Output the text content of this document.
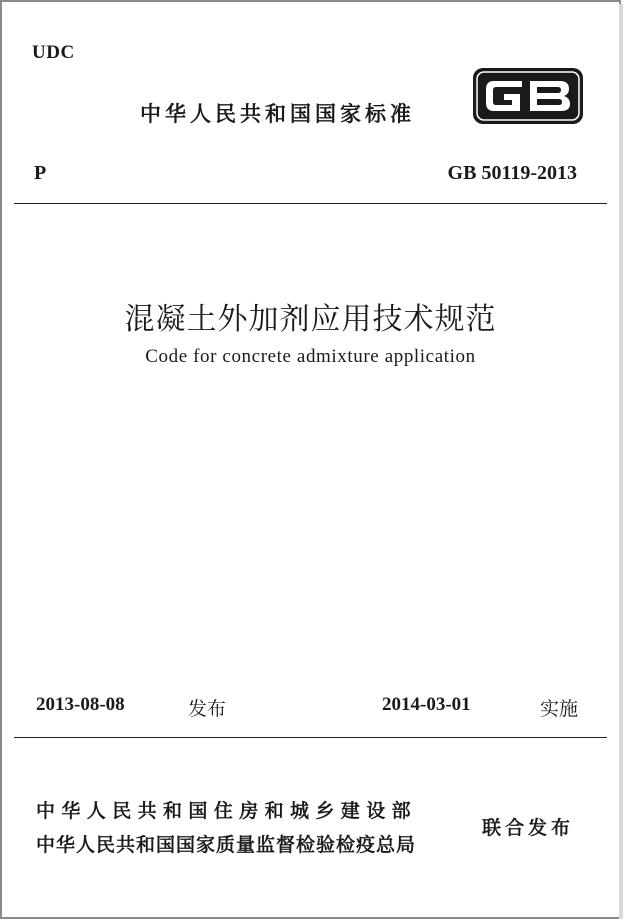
UDC
中华人民共和国国家标准
P	GB 50119-2013
混凝土外加剂应用技术规范
Code for concrete admixture application
2013-08-08	发布	2014-03-01	实施
中华人民共和国住房和城乡建设部
中华人民共和国国家质量监督检验检疫总局
联合发布
